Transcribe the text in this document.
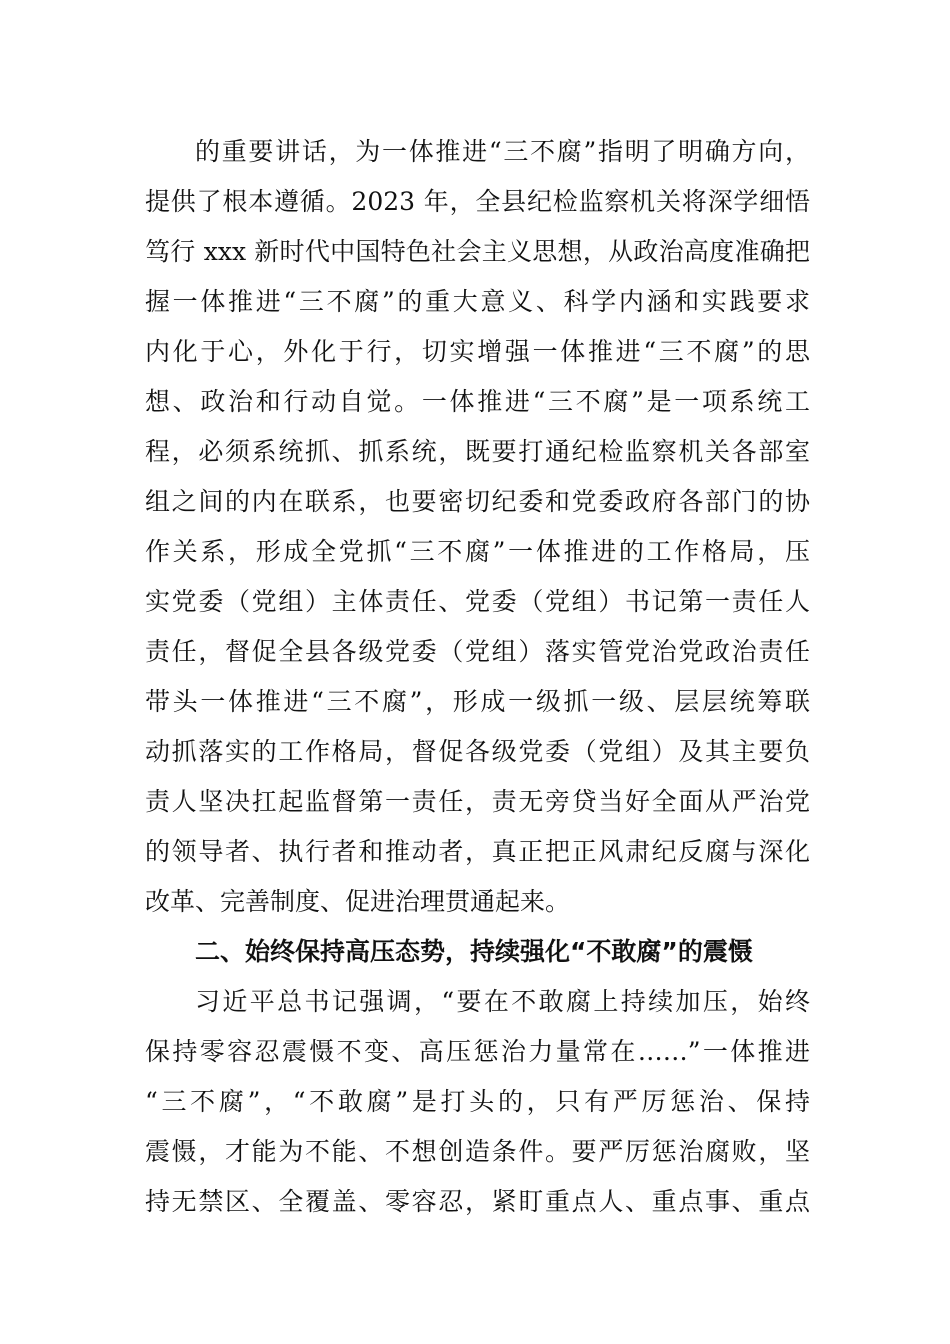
的重要讲话，为一体推进“三不腐”指明了明确方向，
提供了根本遵循。2023 年，全县纪检监察机关将深学细悟
笃行 xxx 新时代中国特色社会主义思想，从政治高度准确把
握一体推进“三不腐”的重大意义、科学内涵和实践要求
内化于心，外化于行，切实增强一体推进“三不腐”的思
想、政治和行动自觉。一体推进“三不腐”是一项系统工
程，必须系统抓、抓系统，既要打通纪检监察机关各部室
组之间的内在联系，也要密切纪委和党委政府各部门的协
作关系，形成全党抓“三不腐”一体推进的工作格局，压
实党委（党组）主体责任、党委（党组）书记第一责任人
责任，督促全县各级党委（党组）落实管党治党政治责任
带头一体推进“三不腐”，形成一级抓一级、层层统筹联
动抓落实的工作格局，督促各级党委（党组）及其主要负
责人坚决扛起监督第一责任，责无旁贷当好全面从严治党
的领导者、执行者和推动者，真正把正风肃纪反腐与深化
改革、完善制度、促进治理贯通起来。
二、始终保持高压态势，持续强化“不敢腐”的震慑
习近平总书记强调，“要在不敢腐上持续加压，始终
保持零容忍震慑不变、高压惩治力量常在……”一体推进
“三不腐”，“不敢腐”是打头的，只有严厉惩治、保持
震慑，才能为不能、不想创造条件。要严厉惩治腐败，坚
持无禁区、全覆盖、零容忍，紧盯重点人、重点事、重点
